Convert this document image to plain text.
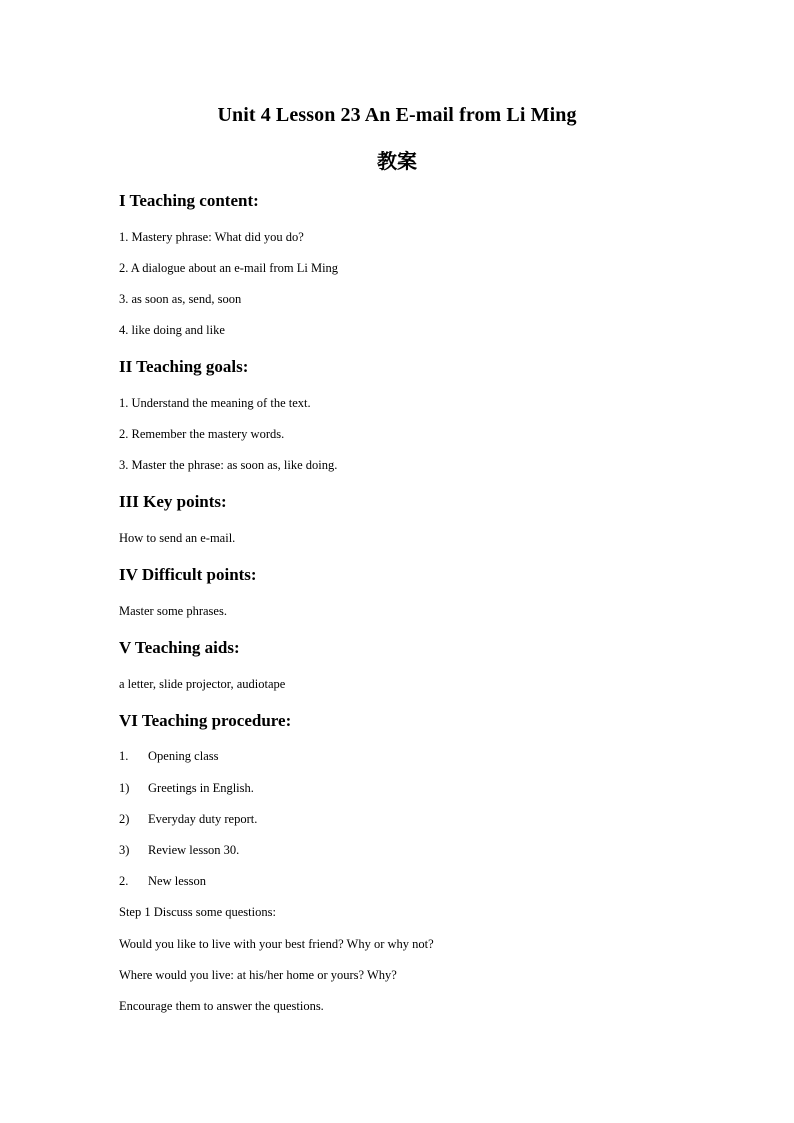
Unit 4 Lesson 23 An E-mail from Li Ming
教案
I Teaching content:
1. Mastery phrase: What did you do?
2. A dialogue about an e-mail from Li Ming
3. as soon as, send, soon
4. like doing and like
II Teaching goals:
1. Understand the meaning of the text.
2. Remember the mastery words.
3. Master the phrase: as soon as, like doing.
III Key points:
How to send an e-mail.
IV Difficult points:
Master some phrases.
V Teaching aids:
a letter, slide projector, audiotape
VI Teaching procedure:
1. Opening class
1) Greetings in English.
2) Everyday duty report.
3) Review lesson 30.
2. New lesson
Step 1 Discuss some questions:
Would you like to live with your best friend? Why or why not?
Where would you live: at his/her home or yours? Why?
Encourage them to answer the questions.
